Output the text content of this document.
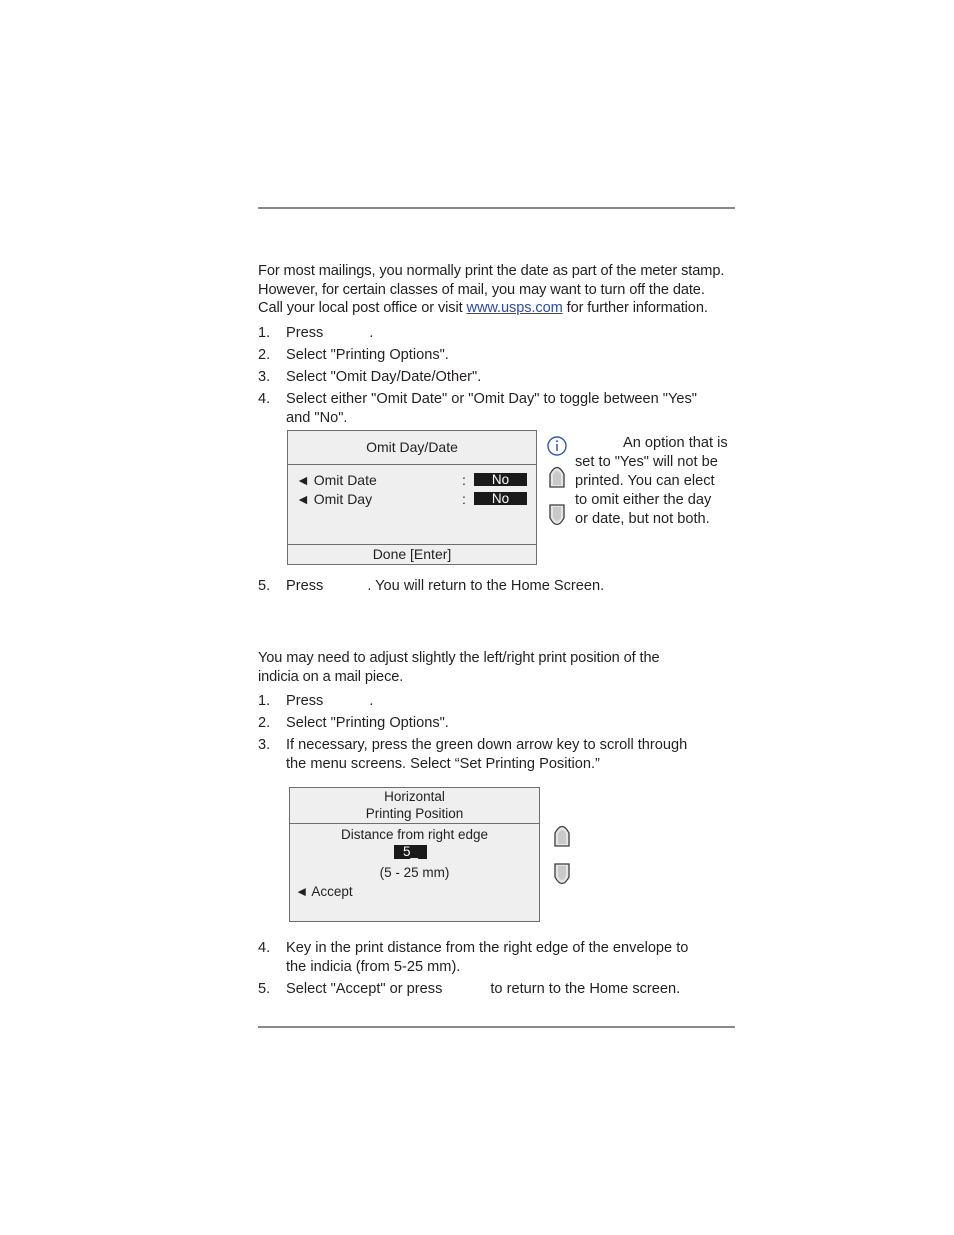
For most mailings, you normally print the date as part of the meter stamp.
However, for certain classes of mail, you may want to turn off the date.
Call your local post office or visit www.usps.com for further information.
1. Press	.
2. Select "Printing Options".
3. Select "Omit Day/Date/Other".
4. Select either "Omit Date" or "Omit Day" to toggle between "Yes"
and "No".
Omit Day/Date
◄ Omit Date	:	No
◄ Omit Day	:	No
Done [Enter]
An option that is
set to "Yes" will not be
printed. You can elect
to omit either the day
or date, but not both.
5. Press	. You will return to the Home Screen.
You may need to adjust slightly the left/right print position of the
indicia on a mail piece.
1. Press	.
2. Select "Printing Options".
3. If necessary, press the green down arrow key to scroll through
the menu screens. Select “Set Printing Position.”
Horizontal
Printing Position
Distance from right edge
5_
(5 - 25 mm)
◄ Accept
4. Key in the print distance from the right edge of the envelope to
the indicia (from 5-25 mm).
5. Select "Accept" or press	to return to the Home screen.
